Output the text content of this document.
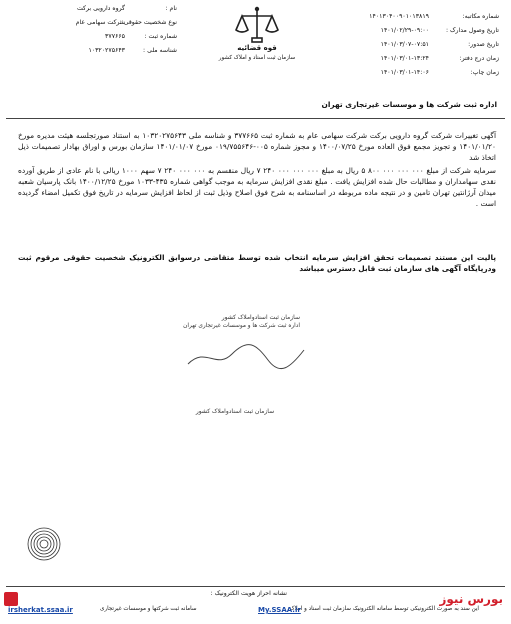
شماره مکاتبه:
۱۴۰۱۳۰۴۰۰۹۰۱۰۱۳۸۱۹
تاریخ وصول مدارک :
۱۴۰۱/۰۲/۲۹-۰۹:۰۰
تاریخ صدور:
۱۴۰۱/۰۳/۰۷-۰۷:۵۱
زمان درج دفتر:
۱۴۰۱/۰۳/۰۱-۱۳:۲۴
زمان چاپ:
۱۴۰۱/۰۳/۰۱-۱۴:۰۶
نام :
گروه دارویی برکت
نوع شخصیت حقوقی :
شرکت سهامی عام
شماره ثبت :
۳۷۷۶۶۵
شناسه ملی :
۱۰۳۲۰۲۷۵۶۴۳	قوه قضائیه
سازمان ثبت اسناد و املاک کشور
اداره ثبت شرکت ها و موسسات غیرتجاری تهران
آگهی تغییرات شرکت گروه دارویی برکت شرکت سهامی عام به شماره ثبت ۳۷۷۶۶۵ و شناسه ملی ۱۰۳۲۰۲۷۵۶۴۳ به استناد صورتجلسه هیئت مدیره مورخ ۱۴۰۱/۰۱/۲۰ و تجویز مجمع فوق العاده مورخ ۱۴۰۰/۰۷/۲۵ و مجوز شماره ۰۰۵-۰۱۹/۷۵۵۶۴۶ مورخ ۱۴۰۱/۰۱/۰۷ سازمان بورس و اوراق بهادار تصمیمات ذیل اتخاذ شد
سرمایه شرکت از مبلغ ۰۰۰ ۰۰۰ ۰۰۰ ۸۰۰ ۵ ریال به مبلغ ۰۰۰ ۰۰۰ ۰۰۰ ۲۴۰ ۷ ریال منقسم به ۰۰۰ ۰۰۰ ۲۴۰ ۷ سهم ۱۰۰۰ ریالی با نام عادی از طریق آورده نقدی سهامداران و مطالبات حال شده افزایش یافت . مبلغ نقدی افزایش سرمایه به موجب گواهی شماره ۴۳۵-۱۰۳۳ مورخ ۱۴۰۰/۱۲/۲۵ بانک پارسیان شعبه میدان آرژانتین تهران تامین و در نتیجه ماده مربوطه در اساسنامه به شرح فوق اصلاح وذیل ثبت از لحاظ افزایش سرمایه در تاریخ فوق تکمیل امضاء گردیده است .
پالیت این مستند تصمیمات تحقق افزایش سرمایه انتخاب شده توسط متقاضی درسوابق الکترونیک شخصیت حقوقی مرقوم ثبت ودرپایگاه آگهی های سازمان ثبت قابل دسترس میباشد
سازمان ثبت اسنادواملاک کشور
اداره ثبت شرکت ها و موسسات غیرتجاری تهران
سازمان ثبت اسنادواملاک کشور
نشانه احراز هویت الکترونیک :
این سند به صورت الکترونیکی توسط سامانه الکترونیک سازمان ثبت اسناد و املاک:
My.SSAA.ir
سامانه ثبت شرکتها و موسسات غیرتجاری
irsherkat.ssaa.ir
بورس نیوز
